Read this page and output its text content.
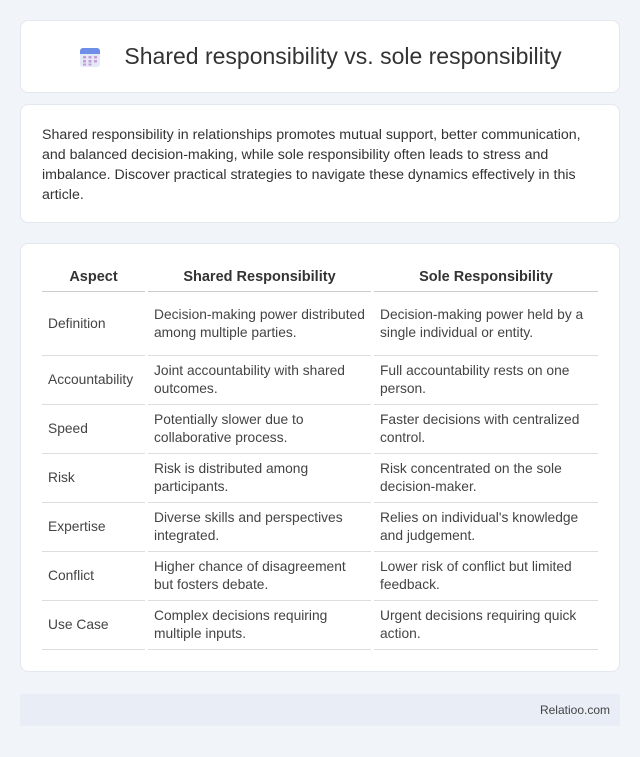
Shared responsibility vs. sole responsibility

Shared responsibility in relationships promotes mutual support, better communication, and balanced decision-making, while sole responsibility often leads to stress and imbalance. Discover practical strategies to navigate these dynamics effectively in this article.

Aspect	Shared Responsibility	Sole Responsibility
Definition	Decision-making power distributed among multiple parties.	Decision-making power held by a single individual or entity.
Accountability	Joint accountability with shared outcomes.	Full accountability rests on one person.
Speed	Potentially slower due to collaborative process.	Faster decisions with centralized control.
Risk	Risk is distributed among participants.	Risk concentrated on the sole decision-maker.
Expertise	Diverse skills and perspectives integrated.	Relies on individual's knowledge and judgement.
Conflict	Higher chance of disagreement but fosters debate.	Lower risk of conflict but limited feedback.
Use Case	Complex decisions requiring multiple inputs.	Urgent decisions requiring quick action.
Relatioo.com
